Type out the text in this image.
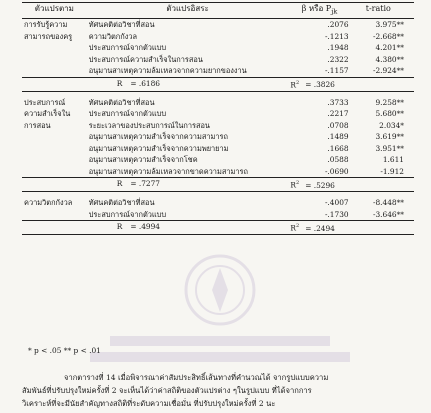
ตัวแปรตาม	ตัวแปรอิสระ	β หรือ $P_{jk}$	t-ratio
การรับรู้ความ	ทัศนคติต่อวิชาที่สอน	.2076	3.975**
สามารถของครู	ความวิตกกังวล	-.1213	-2.668**
	ประสบการณ์จากตัวแบบ	.1948	4.201**
	ประสบการณ์ความสำเร็จในการสอน	.2322	4.380**
	อนุมานสาเหตุความล้มเหลวจากความยากของงาน	-.1157	-2.924**
	R = .6186	$R^2 = .3826$	

ประสบการณ์	ทัศนคติต่อวิชาที่สอน	.3733	9.258**
ความสำเร็จใน	ประสบการณ์จากตัวแบบ	.2217	5.680**
การสอน	ระยะเวลาของประสบการณ์ในการสอน	.0708	2.034*
	อนุมานสาเหตุความสำเร็จจากความสามารถ	.1489	3.619**
	อนุมานสาเหตุความสำเร็จจากความพยายาม	.1668	3.951**
	อนุมานสาเหตุความสำเร็จจากโชค	.0588	1.611
	อนุมานสาเหตุความล้มเหลวจากขาดความสามารถ	-.0690	-1.912
	R = .7277	$R^2 = .5296$	

ความวิตกกังวล	ทัศนคติต่อวิชาที่สอน	-.4007	-8.448**
	ประสบการณ์จากตัวแบบ	-.1730	-3.646**
	R = .4994	$R^2 = .2494$	
* p < .05 ** p < .01
จากตารางที่ 14 เมื่อพิจารณาค่าสัมประสิทธิ์เส้นทางที่คำนวณได้ จากรูปแบบความ
สัมพันธ์ที่ปรับปรุงใหม่ครั้งที่ 2 จะเห็นได้ว่าค่าสถิติของตัวแปรต่าง ๆในรูปแบบ ที่ได้จากการ
วิเคราะห์ที่จะมีนัยสำคัญทางสถิติที่ระดับความเชื่อมั่น ที่ปรับปรุงใหม่ครั้งที่ 2 นะ
